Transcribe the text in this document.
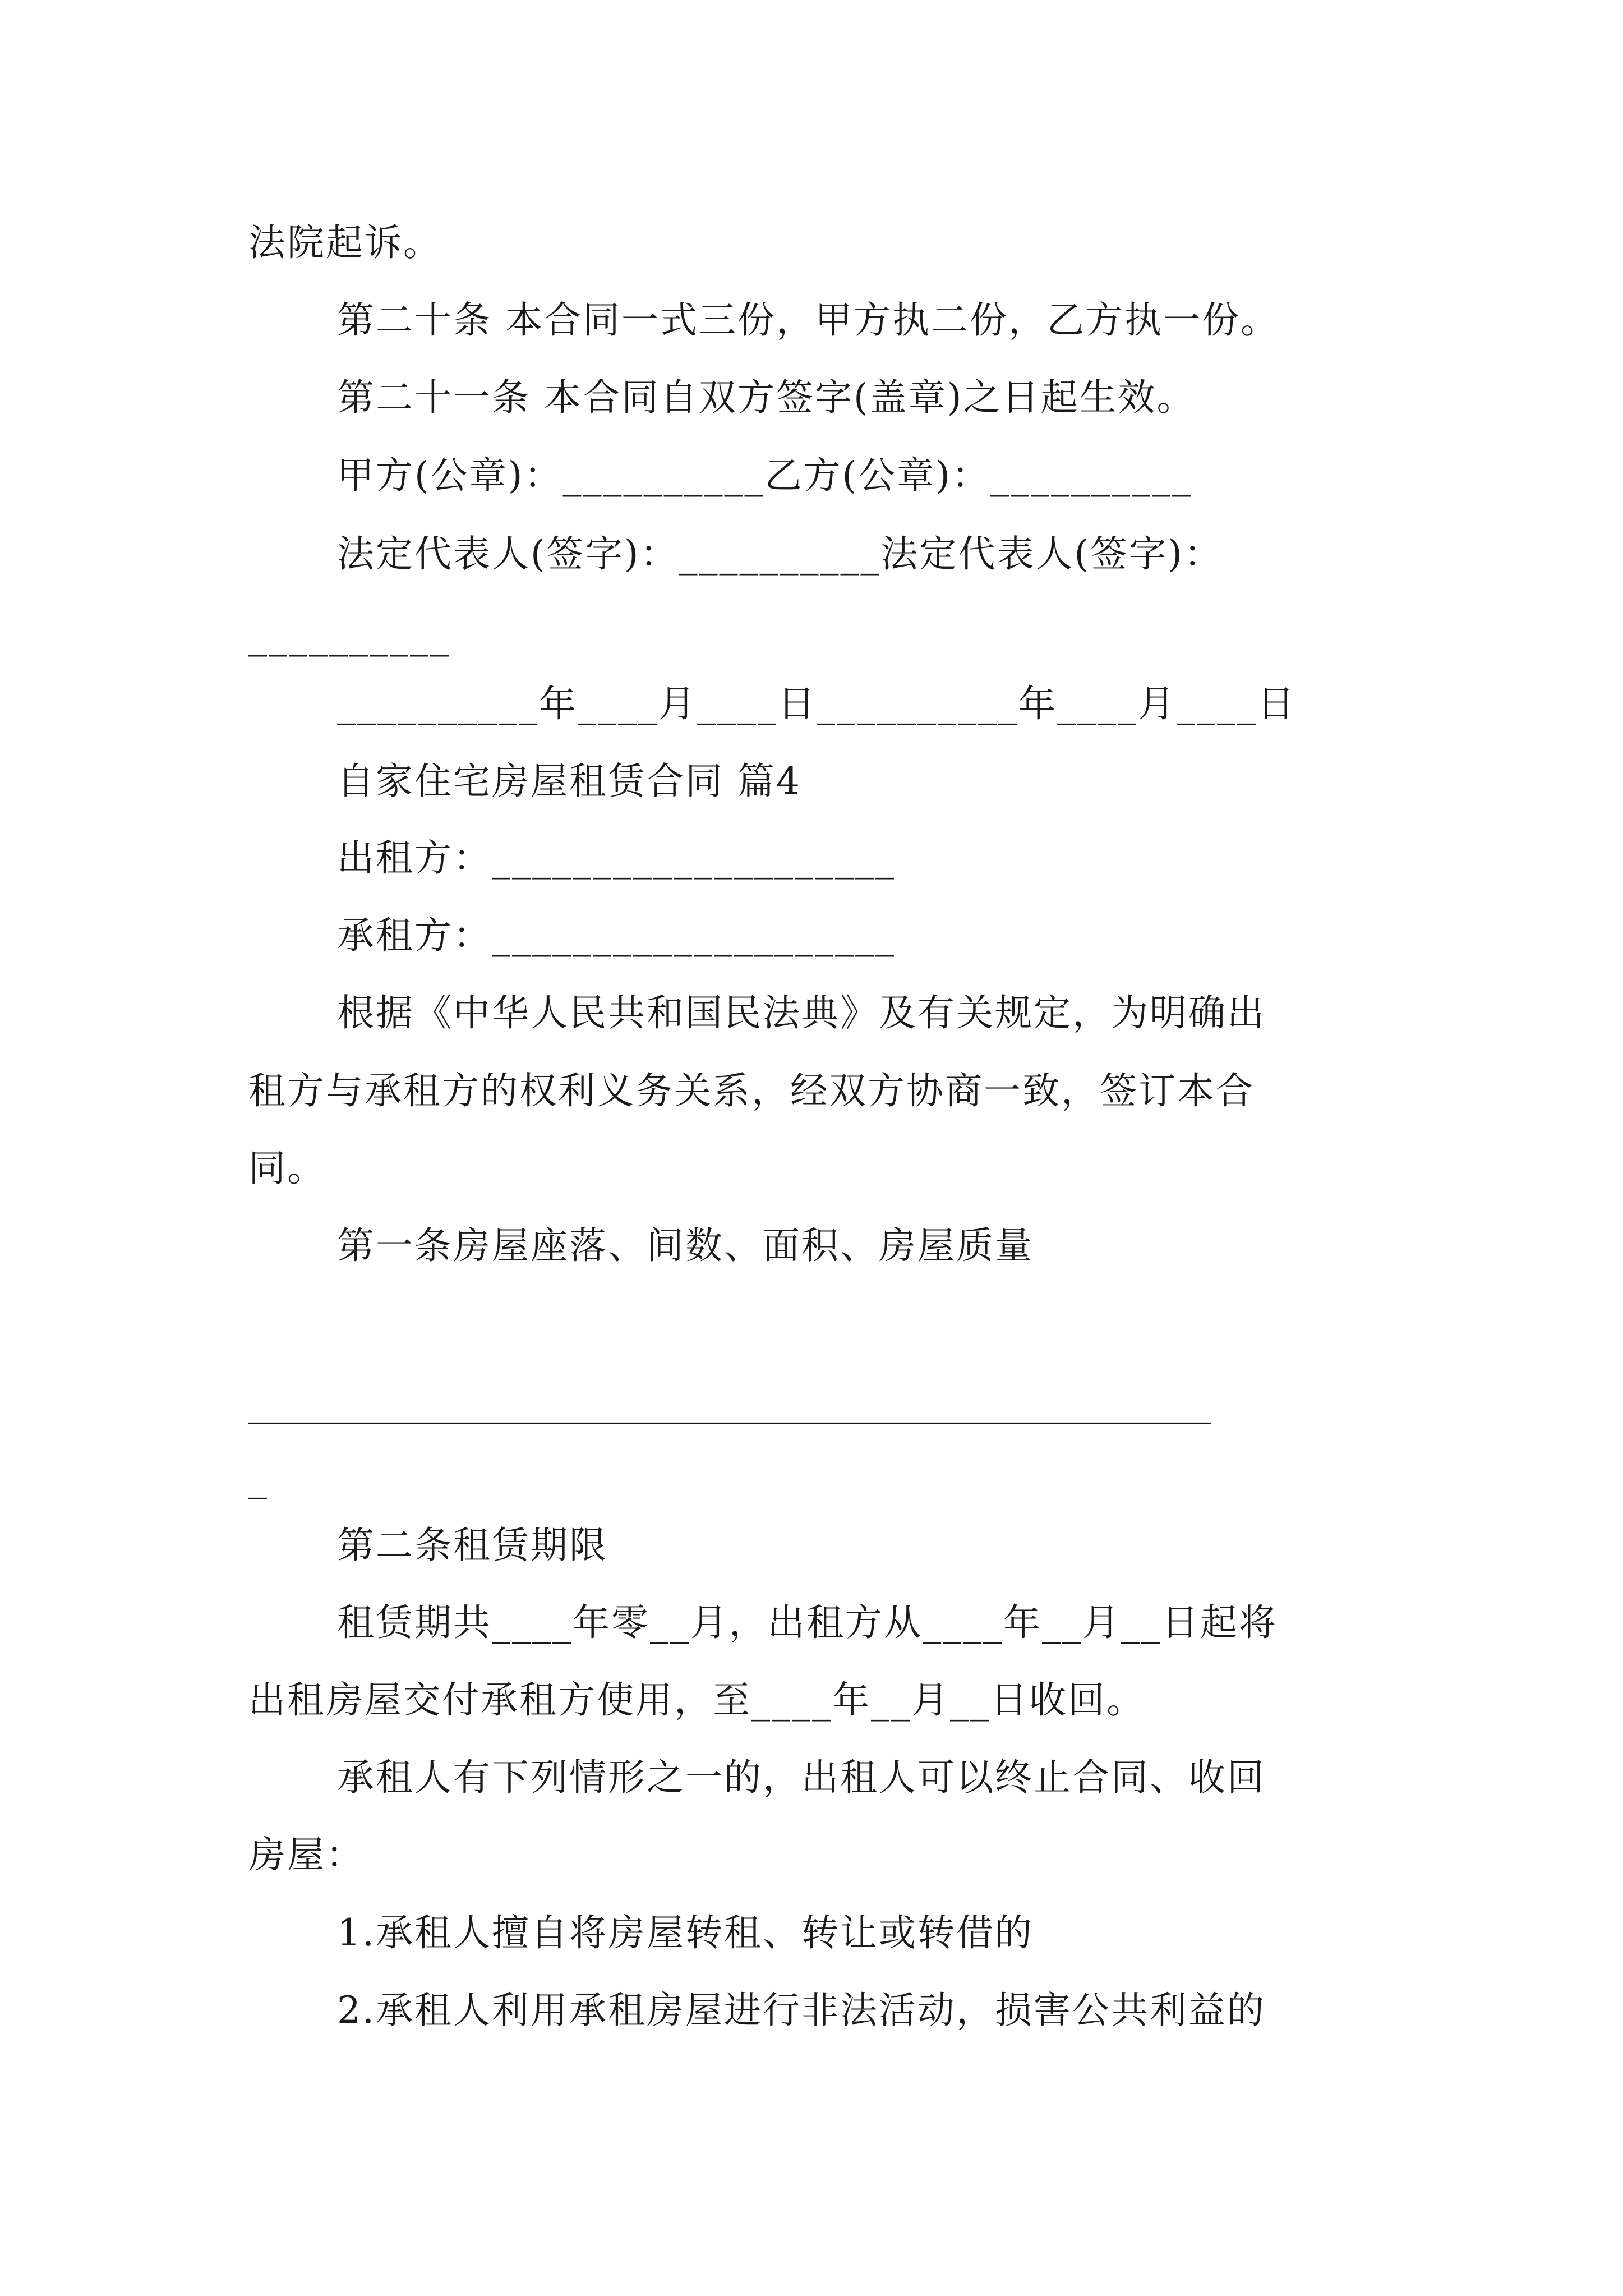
法院起诉。
第二十条 本合同一式三份，甲方执二份，乙方执一份。
第二十一条 本合同自双方签字(盖章)之日起生效。
甲方(公章)：__________乙方(公章)：__________
法定代表人(签字)：__________法定代表人(签字)：
__________
__________年____月____日__________年____月____日
自家住宅房屋租赁合同 篇4
出租方：____________________
承租方：____________________
根据《中华人民共和国民法典》及有关规定，为明确出
租方与承租方的权利义务关系，经双方协商一致，签订本合
同。
第一条房屋座落、间数、面积、房屋质量
____________________________________________________
_
第二条租赁期限
租赁期共____年零__月，出租方从____年__月__日起将
出租房屋交付承租方使用，至____年__月__日收回。
承租人有下列情形之一的，出租人可以终止合同、收回
房屋：
1.承租人擅自将房屋转租、转让或转借的
2.承租人利用承租房屋进行非法活动，损害公共利益的
